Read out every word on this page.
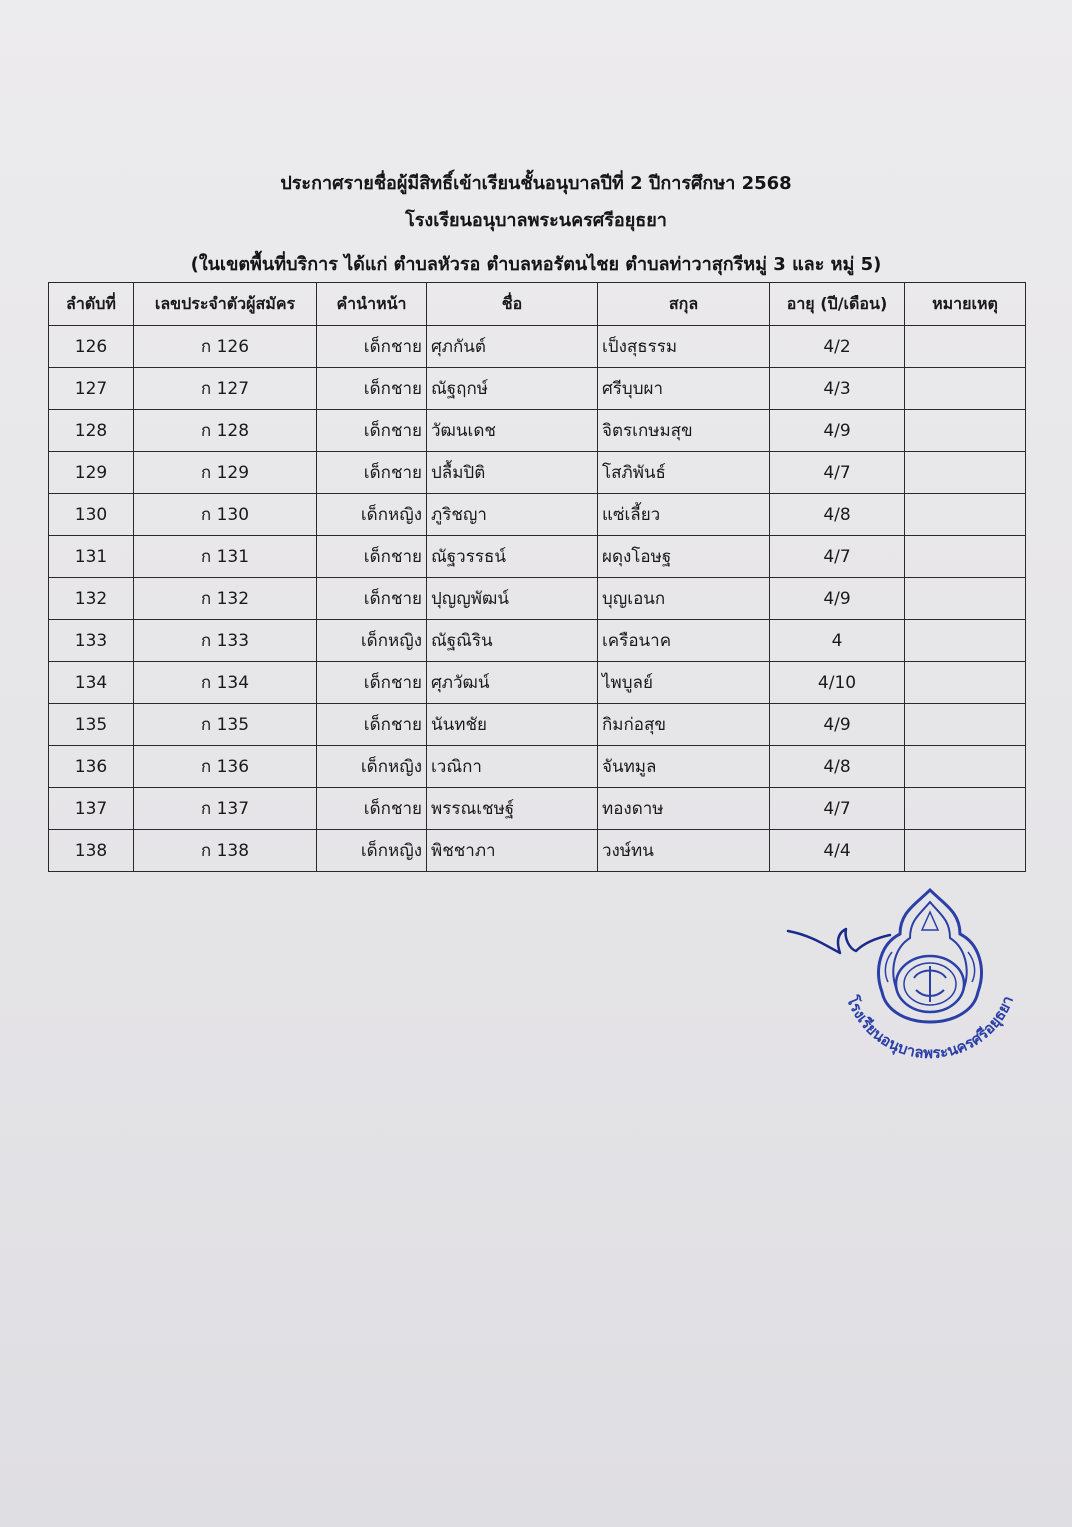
ประกาศรายชื่อผู้มีสิทธิ์เข้าเรียนชั้นอนุบาลปีที่ 2 ปีการศึกษา 2568
โรงเรียนอนุบาลพระนครศรีอยุธยา
(ในเขตพื้นที่บริการ ได้แก่ ตำบลหัวรอ ตำบลหอรัตนไชย ตำบลท่าวาสุกรีหมู่ 3 และ หมู่ 5)
ลำดับที่	เลขประจำตัวผู้สมัคร	คำนำหน้า	ชื่อ	สกุล	อายุ (ปี/เดือน)	หมายเหตุ
126	ก 126	เด็กชาย	ศุภกันต์	เป็งสุธรรม	4/2	
127	ก 127	เด็กชาย	ณัฐฤกษ์	ศรีบุบผา	4/3	
128	ก 128	เด็กชาย	วัฒนเดช	จิตรเกษมสุข	4/9	
129	ก 129	เด็กชาย	ปลื้มปิติ	โสภิพันธ์	4/7	
130	ก 130	เด็กหญิง	ภูริชญา	แซ่เลี้ยว	4/8	
131	ก 131	เด็กชาย	ณัฐวรรธน์	ผดุงโอษฐ	4/7	
132	ก 132	เด็กชาย	ปุญญพัฒน์	บุญเอนก	4/9	
133	ก 133	เด็กหญิง	ณัฐณิริน	เครือนาค	4	
134	ก 134	เด็กชาย	ศุภวัฒน์	ไพบูลย์	4/10	
135	ก 135	เด็กชาย	นันทชัย	กิมก่อสุข	4/9	
136	ก 136	เด็กหญิง	เวณิกา	จันทมูล	4/8	
137	ก 137	เด็กชาย	พรรณเชษฐ์	ทองดาษ	4/7	
138	ก 138	เด็กหญิง	พิชชาภา	วงษ์ทน	4/4	
โรงเรียนอนุบาลพระนครศรีอยุธยา
